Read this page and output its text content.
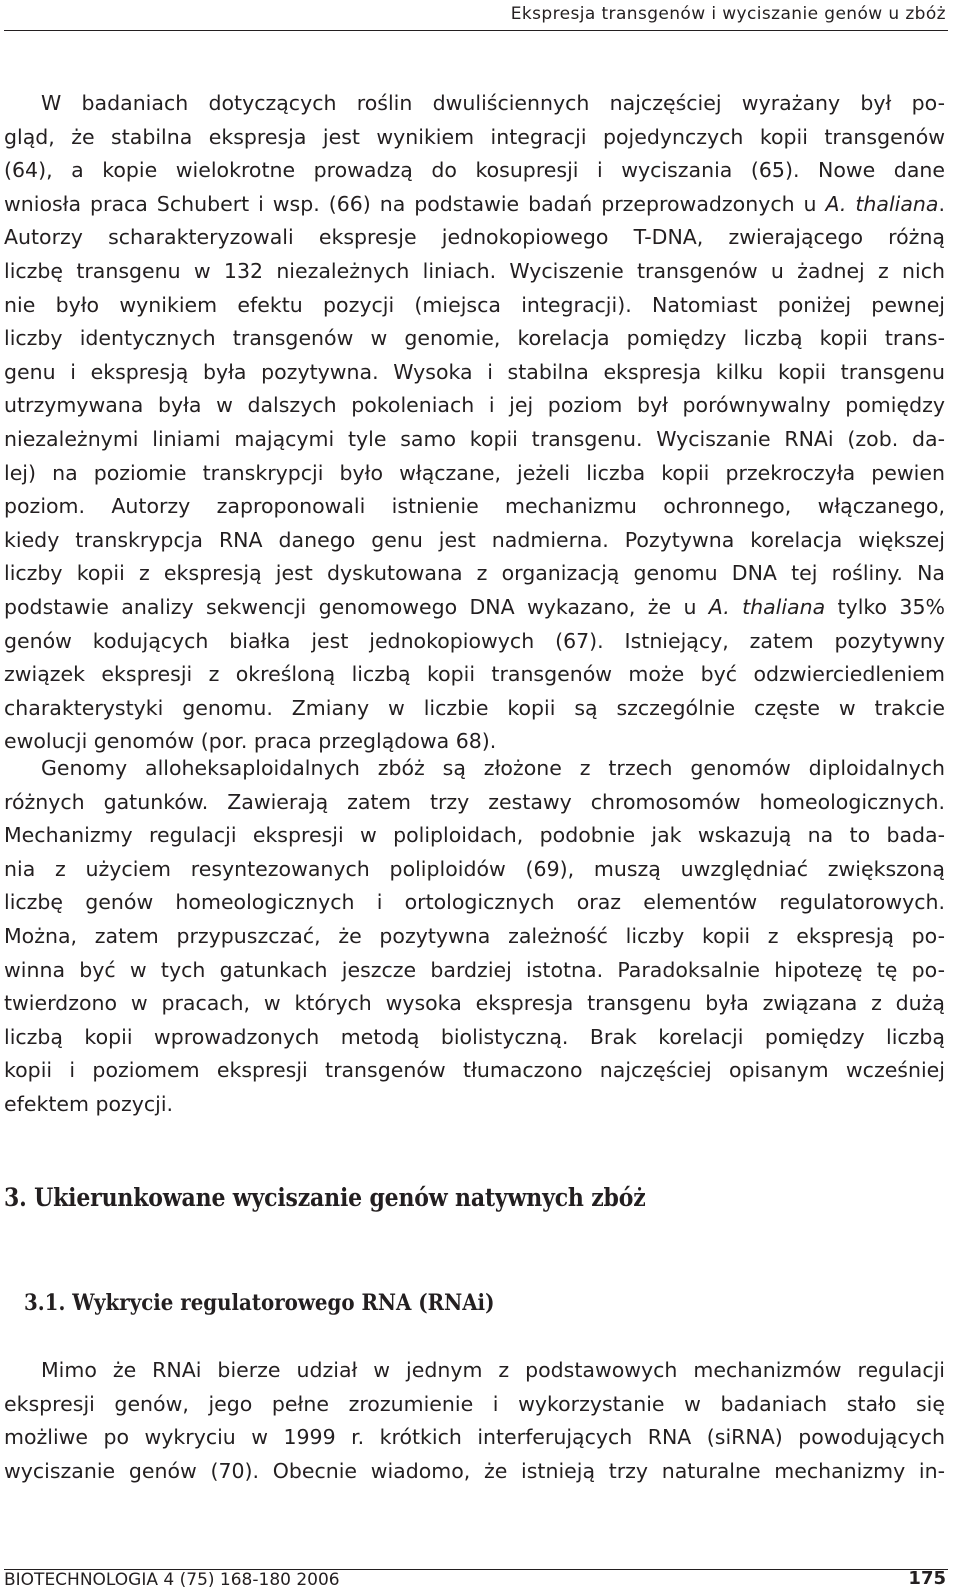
Ekspresja transgenów i wyciszanie genów u zbóż
W badaniach dotyczących roślin dwuliściennych najczęściej wyrażany był po-
gląd, że stabilna ekspresja jest wynikiem integracji pojedynczych kopii transgenów
(64), a kopie wielokrotne prowadzą do kosupresji i wyciszania (65). Nowe dane
wniosła praca Schubert i wsp. (66) na podstawie badań przeprowadzonych u A. thaliana.
Autorzy scharakteryzowali ekspresje jednokopiowego T-DNA, zwierającego różną
liczbę transgenu w 132 niezależnych liniach. Wyciszenie transgenów u żadnej z nich
nie było wynikiem efektu pozycji (miejsca integracji). Natomiast poniżej pewnej
liczby identycznych transgenów w genomie, korelacja pomiędzy liczbą kopii trans-
genu i ekspresją była pozytywna. Wysoka i stabilna ekspresja kilku kopii transgenu
utrzymywana była w dalszych pokoleniach i jej poziom był porównywalny pomiędzy
niezależnymi liniami mającymi tyle samo kopii transgenu. Wyciszanie RNAi (zob. da-
lej) na poziomie transkrypcji było włączane, jeżeli liczba kopii przekroczyła pewien
poziom. Autorzy zaproponowali istnienie mechanizmu ochronnego, włączanego,
kiedy transkrypcja RNA danego genu jest nadmierna. Pozytywna korelacja większej
liczby kopii z ekspresją jest dyskutowana z organizacją genomu DNA tej rośliny. Na
podstawie analizy sekwencji genomowego DNA wykazano, że u A. thaliana tylko 35%
genów kodujących białka jest jednokopiowych (67). Istniejący, zatem pozytywny
związek ekspresji z określoną liczbą kopii transgenów może być odzwierciedleniem
charakterystyki genomu. Zmiany w liczbie kopii są szczególnie częste w trakcie
ewolucji genomów (por. praca przeglądowa 68).
Genomy alloheksaploidalnych zbóż są złożone z trzech genomów diploidalnych
różnych gatunków. Zawierają zatem trzy zestawy chromosomów homeologicznych.
Mechanizmy regulacji ekspresji w poliploidach, podobnie jak wskazują na to bada-
nia z użyciem resyntezowanych poliploidów (69), muszą uwzględniać zwiększoną
liczbę genów homeologicznych i ortologicznych oraz elementów regulatorowych.
Można, zatem przypuszczać, że pozytywna zależność liczby kopii z ekspresją po-
winna być w tych gatunkach jeszcze bardziej istotna. Paradoksalnie hipotezę tę po-
twierdzono w pracach, w których wysoka ekspresja transgenu była związana z dużą
liczbą kopii wprowadzonych metodą biolistyczną. Brak korelacji pomiędzy liczbą
kopii i poziomem ekspresji transgenów tłumaczono najczęściej opisanym wcześniej
efektem pozycji.
3. Ukierunkowane wyciszanie genów natywnych zbóż
3.1. Wykrycie regulatorowego RNA (RNAi)
Mimo że RNAi bierze udział w jednym z podstawowych mechanizmów regulacji
ekspresji genów, jego pełne zrozumienie i wykorzystanie w badaniach stało się
możliwe po wykryciu w 1999 r. krótkich interferujących RNA (siRNA) powodujących
wyciszanie genów (70). Obecnie wiadomo, że istnieją trzy naturalne mechanizmy in-
BIOTECHNOLOGIA 4 (75) 168-180 2006	175
